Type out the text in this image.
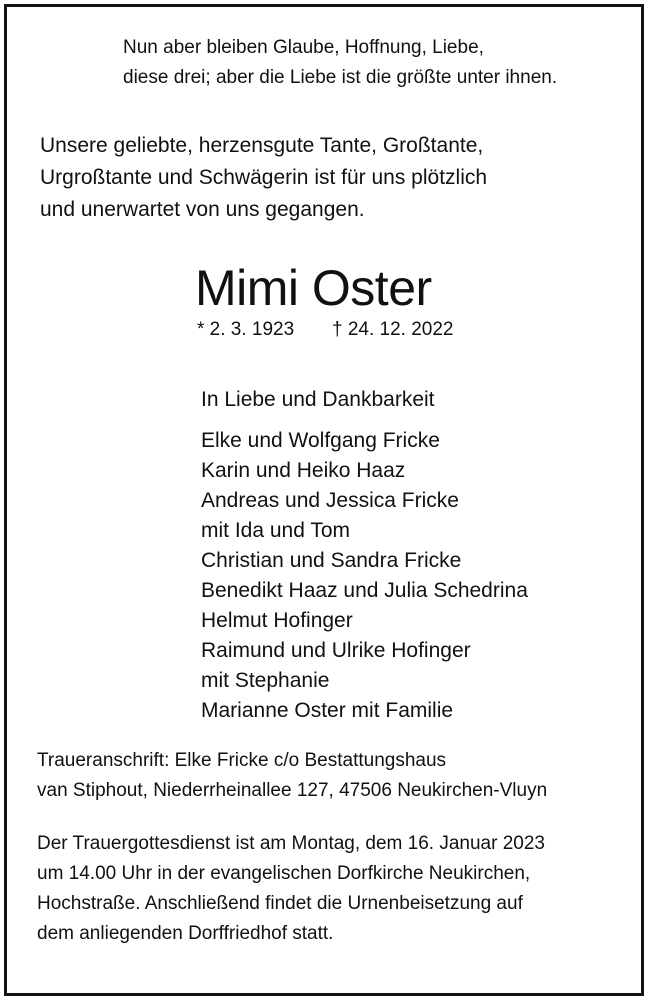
Nun aber bleiben Glaube, Hoffnung, Liebe,
diese drei; aber die Liebe ist die größte unter ihnen.
Unsere geliebte, herzensgute Tante, Großtante,
Urgroßtante und Schwägerin ist für uns plötzlich
und unerwartet von uns gegangen.
Mimi Oster
* 2. 3. 1923 † 24. 12. 2022
In Liebe und Dankbarkeit
Elke und Wolfgang Fricke
Karin und Heiko Haaz
Andreas und Jessica Fricke
mit Ida und Tom
Christian und Sandra Fricke
Benedikt Haaz und Julia Schedrina
Helmut Hofinger
Raimund und Ulrike Hofinger
mit Stephanie
Marianne Oster mit Familie
Traueranschrift: Elke Fricke c/o Bestattungshaus
van Stiphout, Niederrheinallee 127, 47506 Neukirchen-Vluyn
Der Trauergottesdienst ist am Montag, dem 16. Januar 2023
um 14.00 Uhr in der evangelischen Dorfkirche Neukirchen,
Hochstraße. Anschließend findet die Urnenbeisetzung auf
dem anliegenden Dorffriedhof statt.
